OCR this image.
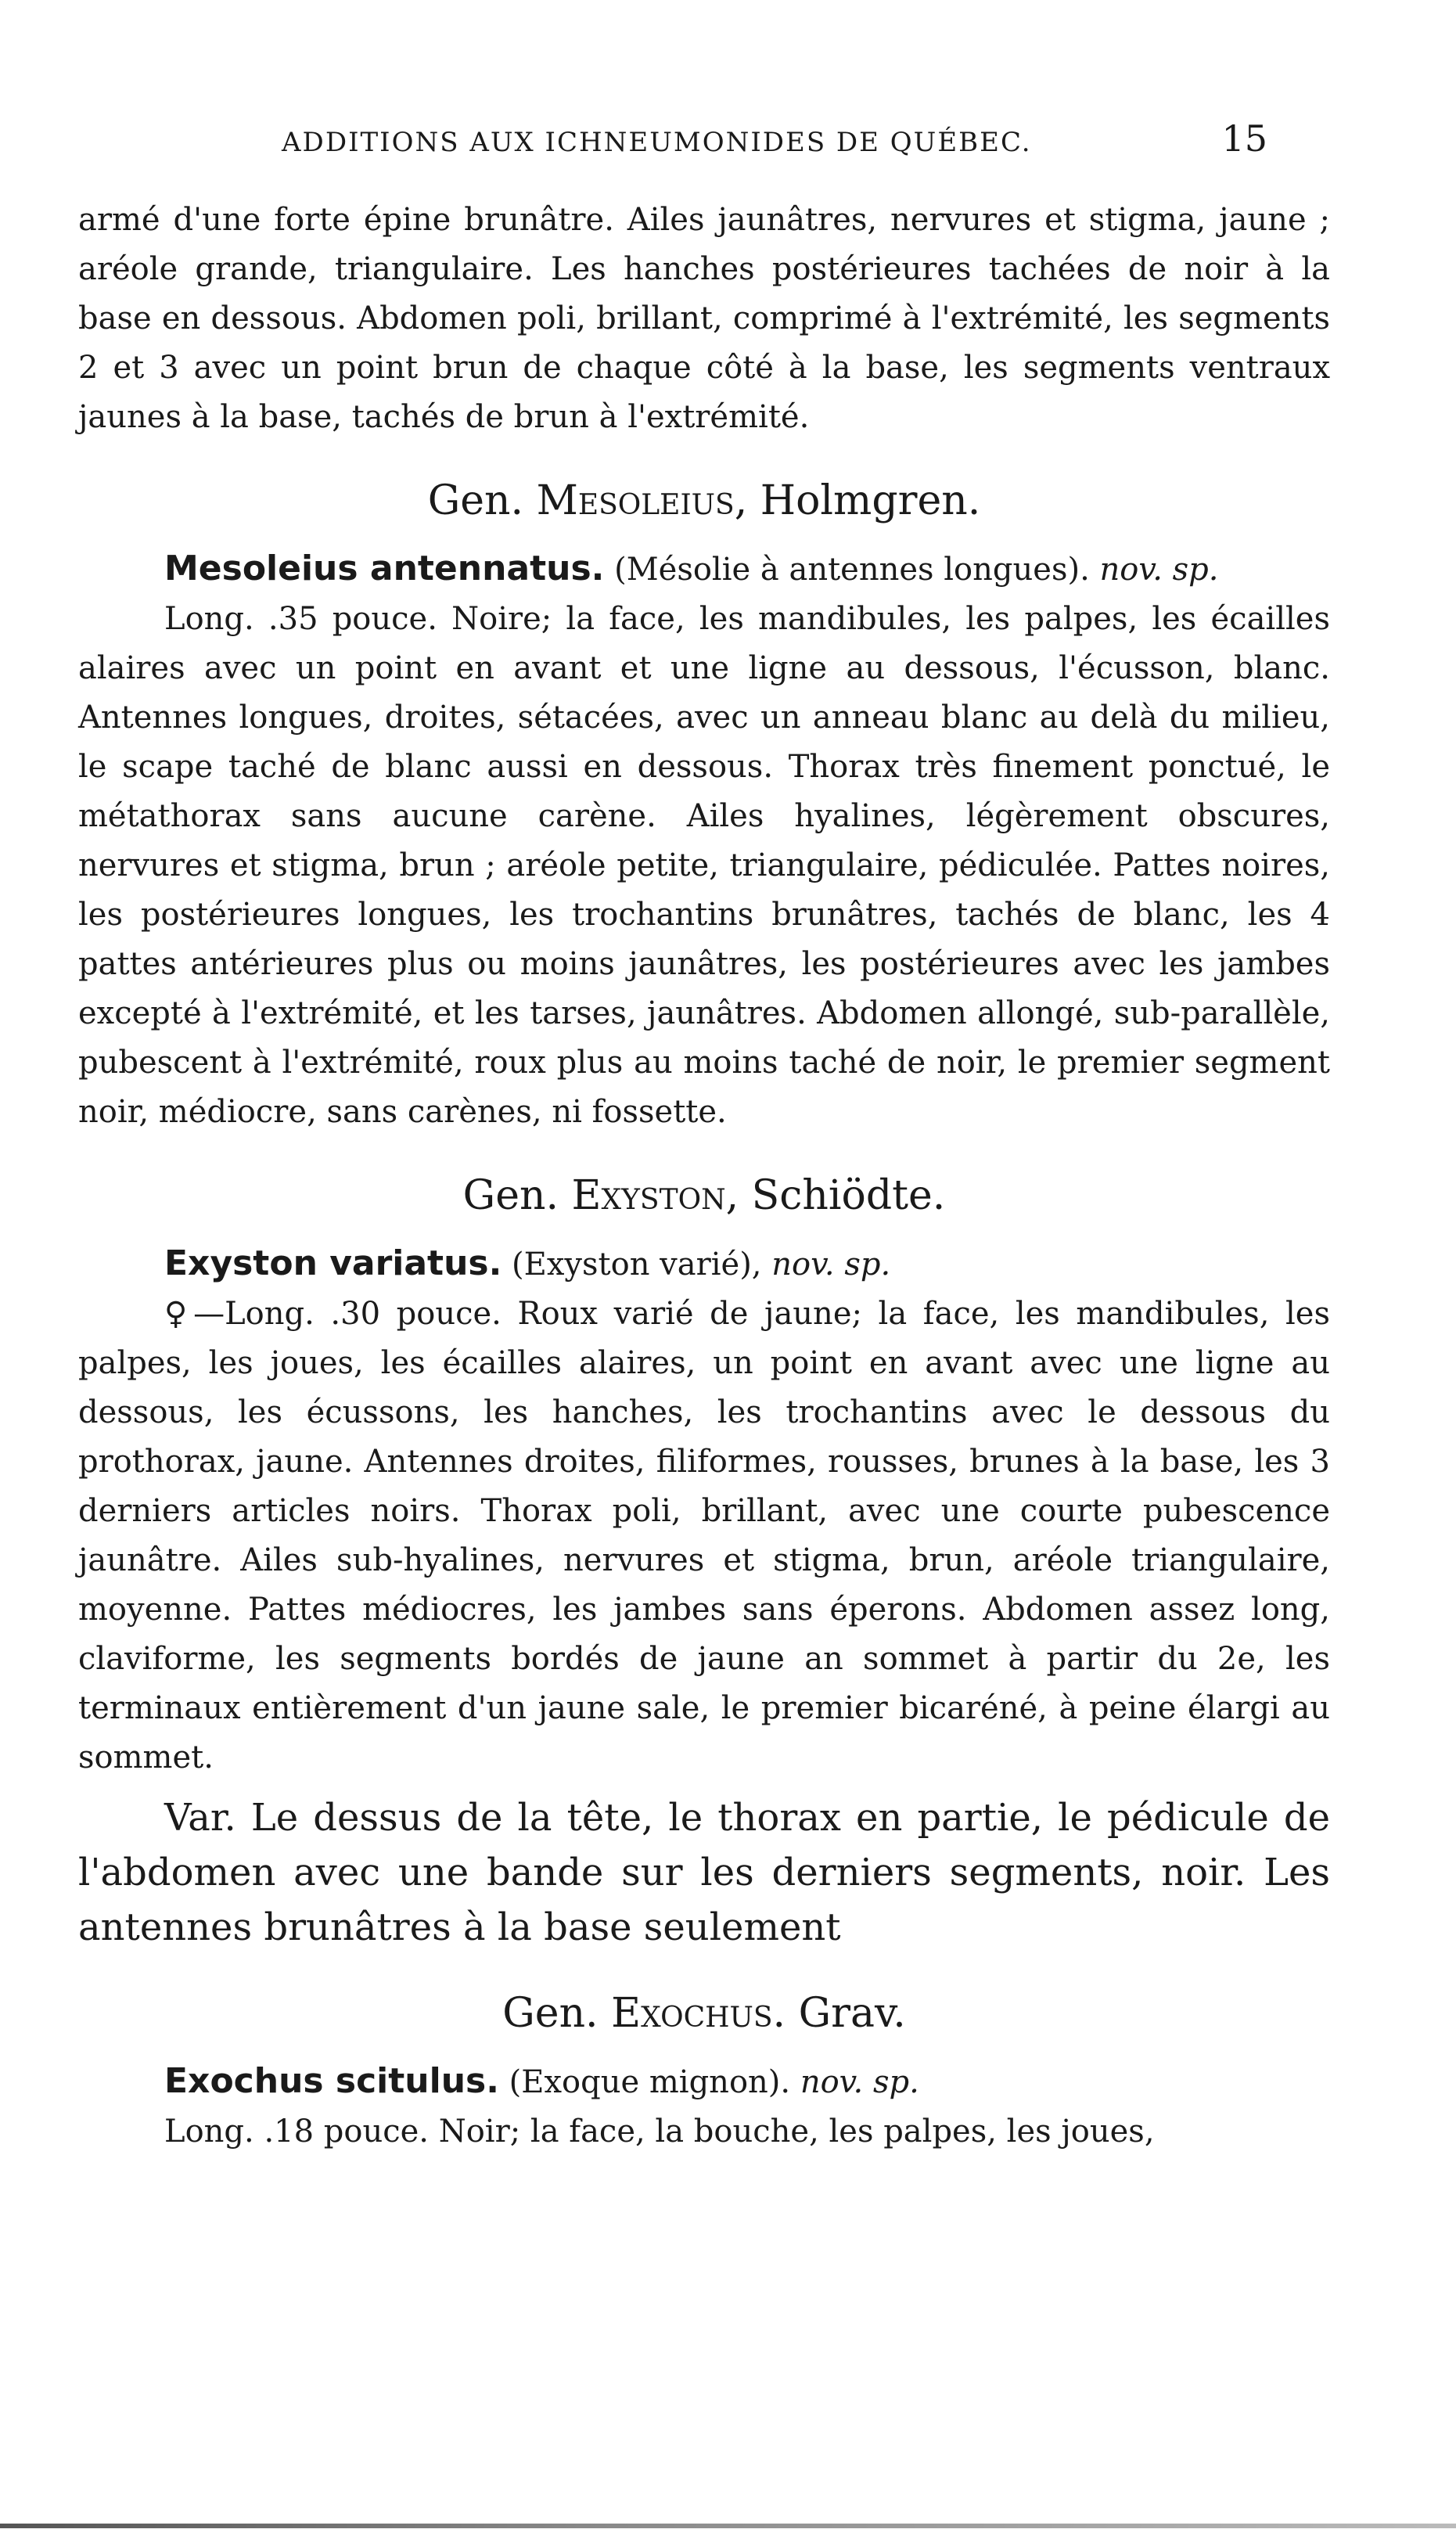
ADDITIONS AUX ICHNEUMONIDES DE QUÉBEC.	15

armé d'une forte épine brunâtre. Ailes jaunâtres, nervures et stigma, jaune ; aréole grande, triangulaire. Les hanches postérieures tachées de noir à la base en dessous. Abdomen poli, brillant, comprimé à l'extrémité, les segments 2 et 3 avec un point brun de chaque côté à la base, les segments ventraux jaunes à la base, tachés de brun à l'extrémité.

Gen. Mesoleius, Holmgren.

Mesoleius antennatus. (Mésolie à antennes longues). nov. sp.

Long. .35 pouce. Noire; la face, les mandibules, les palpes, les écailles alaires avec un point en avant et une ligne au dessous, l'écusson, blanc. Antennes longues, droites, sétacées, avec un anneau blanc au delà du milieu, le scape taché de blanc aussi en dessous. Thorax très finement ponctué, le métathorax sans aucune carène. Ailes hyalines, légèrement obscures, nervures et stigma, brun ; aréole petite, triangulaire, pédiculée. Pattes noires, les postérieures longues, les trochantins brunâtres, tachés de blanc, les 4 pattes antérieures plus ou moins jaunâtres, les postérieures avec les jambes excepté à l'extrémité, et les tarses, jaunâtres. Abdomen allongé, sub-parallèle, pubescent à l'extrémité, roux plus au moins taché de noir, le premier segment noir, médiocre, sans carènes, ni fossette.

Gen. Exyston, Schiödte.

Exyston variatus. (Exyston varié), nov. sp.

♀—Long. .30 pouce. Roux varié de jaune; la face, les mandibules, les palpes, les joues, les écailles alaires, un point en avant avec une ligne au dessous, les écussons, les hanches, les trochantins avec le dessous du prothorax, jaune. Antennes droites, filiformes, rousses, brunes à la base, les 3 derniers articles noirs. Thorax poli, brillant, avec une courte pubescence jaunâtre. Ailes sub-hyalines, nervures et stigma, brun, aréole triangulaire, moyenne. Pattes médiocres, les jambes sans éperons. Abdomen assez long, claviforme, les segments bordés de jaune an sommet à partir du 2e, les terminaux entièrement d'un jaune sale, le premier bicaréné, à peine élargi au sommet.

Var. Le dessus de la tête, le thorax en partie, le pédicule de l'abdomen avec une bande sur les derniers segments, noir. Les antennes brunâtres à la base seulement

Gen. Exochus. Grav.

Exochus scitulus. (Exoque mignon). nov. sp.

Long. .18 pouce. Noir; la face, la bouche, les palpes, les joues,
